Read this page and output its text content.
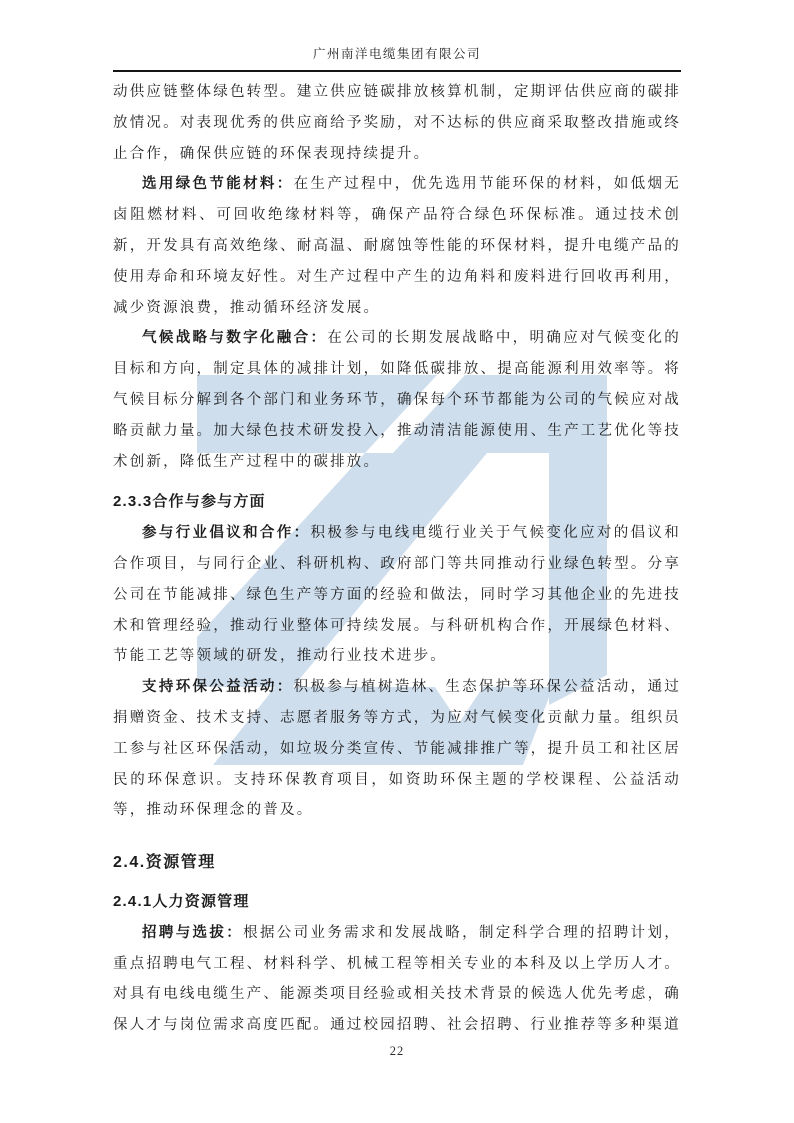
广州南洋电缆集团有限公司

动供应链整体绿色转型。建立供应链碳排放核算机制，定期评估供应商的碳排放情况。对表现优秀的供应商给予奖励，对不达标的供应商采取整改措施或终止合作，确保供应链的环保表现持续提升。

选用绿色节能材料：在生产过程中，优先选用节能环保的材料，如低烟无卤阻燃材料、可回收绝缘材料等，确保产品符合绿色环保标准。通过技术创新，开发具有高效绝缘、耐高温、耐腐蚀等性能的环保材料，提升电缆产品的使用寿命和环境友好性。对生产过程中产生的边角料和废料进行回收再利用，减少资源浪费，推动循环经济发展。

气候战略与数字化融合：在公司的长期发展战略中，明确应对气候变化的目标和方向，制定具体的减排计划，如降低碳排放、提高能源利用效率等。将气候目标分解到各个部门和业务环节，确保每个环节都能为公司的气候应对战略贡献力量。加大绿色技术研发投入，推动清洁能源使用、生产工艺优化等技术创新，降低生产过程中的碳排放。

2.3.3合作与参与方面

参与行业倡议和合作：积极参与电线电缆行业关于气候变化应对的倡议和合作项目，与同行企业、科研机构、政府部门等共同推动行业绿色转型。分享公司在节能减排、绿色生产等方面的经验和做法，同时学习其他企业的先进技术和管理经验，推动行业整体可持续发展。与科研机构合作，开展绿色材料、节能工艺等领域的研发，推动行业技术进步。

支持环保公益活动：积极参与植树造林、生态保护等环保公益活动，通过捐赠资金、技术支持、志愿者服务等方式，为应对气候变化贡献力量。组织员工参与社区环保活动，如垃圾分类宣传、节能减排推广等，提升员工和社区居民的环保意识。支持环保教育项目，如资助环保主题的学校课程、公益活动等，推动环保理念的普及。

2.4.资源管理
2.4.1人力资源管理

招聘与选拔：根据公司业务需求和发展战略，制定科学合理的招聘计划，重点招聘电气工程、材料科学、机械工程等相关专业的本科及以上学历人才。对具有电线电缆生产、能源类项目经验或相关技术背景的候选人优先考虑，确保人才与岗位需求高度匹配。通过校园招聘、社会招聘、行业推荐等多种渠道

22
